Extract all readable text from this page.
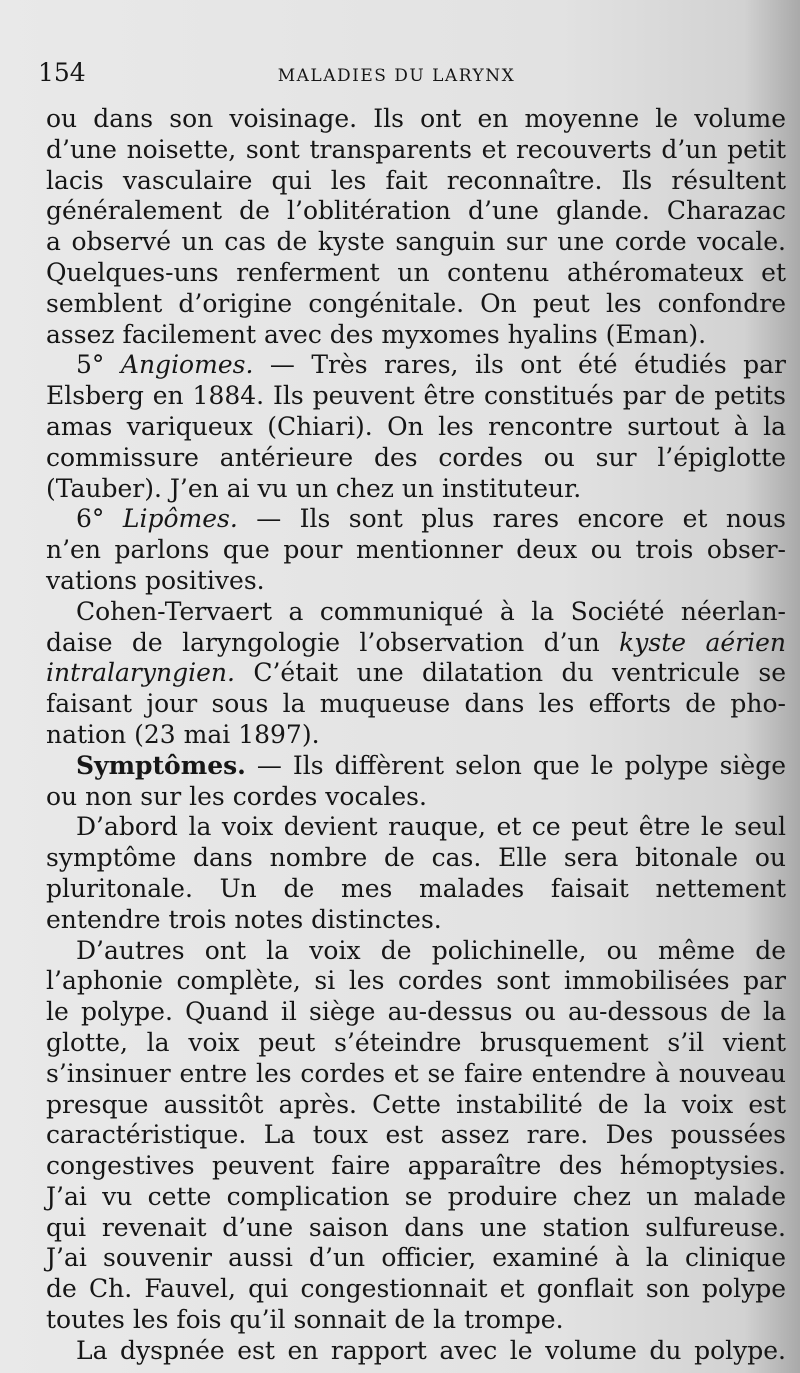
154	MALADIES DU LARYNX
ou dans son voisinage. Ils ont en moyenne le volume
d’une noisette, sont transparents et recouverts d’un petit
lacis vasculaire qui les fait reconnaître. Ils résultent
généralement de l’oblitération d’une glande. Charazac
a observé un cas de kyste sanguin sur une corde vocale.
Quelques-uns renferment un contenu athéromateux et
semblent d’origine congénitale. On peut les confondre
assez facilement avec des myxomes hyalins (Eman).
5° Angiomes. — Très rares, ils ont été étudiés par
Elsberg en 1884. Ils peuvent être constitués par de petits
amas variqueux (Chiari). On les rencontre surtout à la
commissure antérieure des cordes ou sur l’épiglotte
(Tauber). J’en ai vu un chez un instituteur.
6° Lipômes. — Ils sont plus rares encore et nous
n’en parlons que pour mentionner deux ou trois obser-
vations positives.
Cohen-Tervaert a communiqué à la Société néerlan-
daise de laryngologie l’observation d’un kyste aérien
intralaryngien. C’était une dilatation du ventricule se
faisant jour sous la muqueuse dans les efforts de pho-
nation (23 mai 1897).
Symptômes. — Ils diffèrent selon que le polype siège
ou non sur les cordes vocales.
D’abord la voix devient rauque, et ce peut être le seul
symptôme dans nombre de cas. Elle sera bitonale ou
pluritonale. Un de mes malades faisait nettement
entendre trois notes distinctes.
D’autres ont la voix de polichinelle, ou même de
l’aphonie complète, si les cordes sont immobilisées par
le polype. Quand il siège au-dessus ou au-dessous de la
glotte, la voix peut s’éteindre brusquement s’il vient
s’insinuer entre les cordes et se faire entendre à nouveau
presque aussitôt après. Cette instabilité de la voix est
caractéristique. La toux est assez rare. Des poussées
congestives peuvent faire apparaître des hémoptysies.
J’ai vu cette complication se produire chez un malade
qui revenait d’une saison dans une station sulfureuse.
J’ai souvenir aussi d’un officier, examiné à la clinique
de Ch. Fauvel, qui congestionnait et gonflait son polype
toutes les fois qu’il sonnait de la trompe.
La dyspnée est en rapport avec le volume du polype.
